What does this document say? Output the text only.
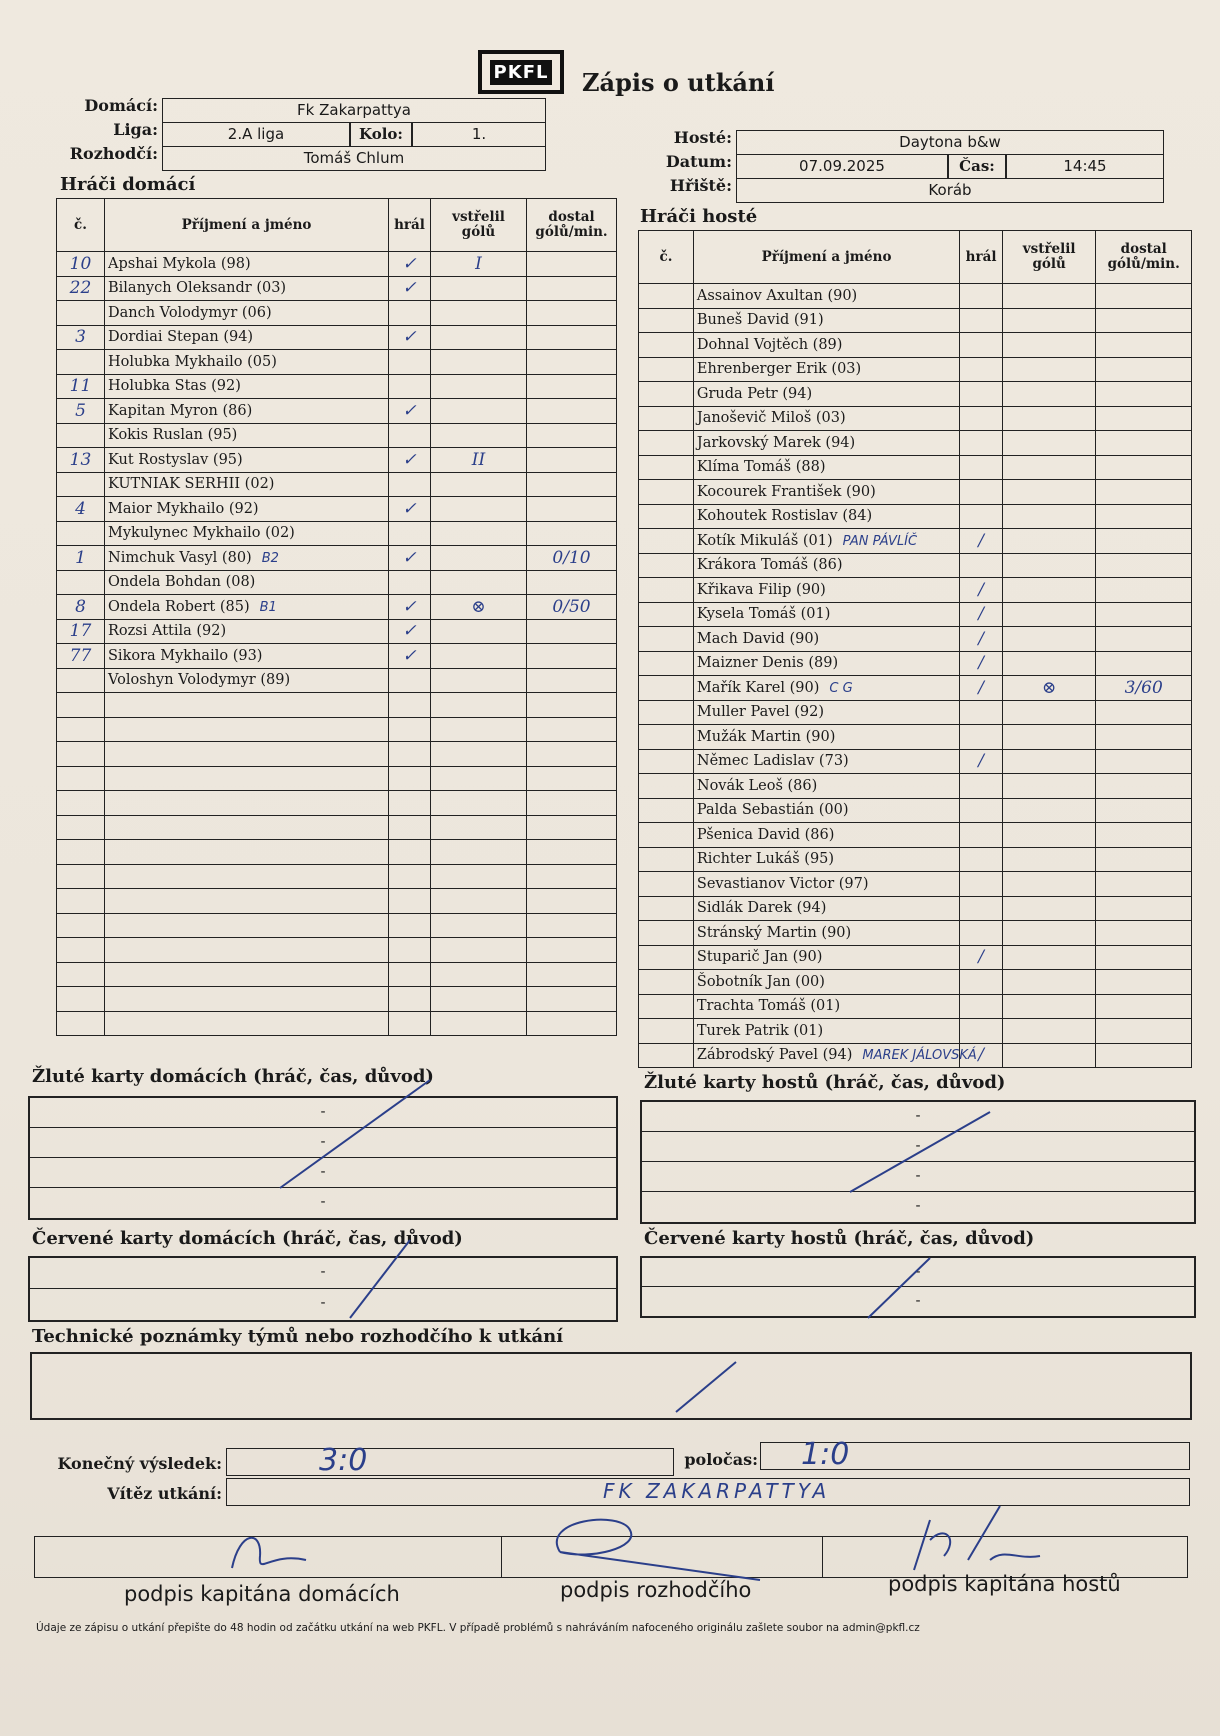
PKFL Zápis o utkání
Domácí:	Fk Zakarpattya
Liga:	2.A liga	Kolo:	1.
Rozhodčí:	Tomáš Chlum
Hosté:	Daytona b&w
Datum:	07.09.2025	Čas:	14:45
Hřiště:	Koráb
Hráči domácí
č.	Příjmení a jméno	hrál	vstřelil gólů	dostal gólů/min.
10	Apshai Mykola (98)	✓	I	
22	Bilanych Oleksandr (03)	✓		
	Danch Volodymyr (06)			
3	Dordiai Stepan (94)	✓		
	Holubka Mykhailo (05)			
11	Holubka Stas (92)			
5	Kapitan Myron (86)	✓		
	Kokis Ruslan (95)			
13	Kut Rostyslav (95)	✓	II	
	KUTNIAK SERHII (02)			
4	Maior Mykhailo (92)	✓		
	Mykulynec Mykhailo (02)			
1	Nimchuk Vasyl (80) B2	✓		0/10
	Ondela Bohdan (08)			
8	Ondela Robert (85) B1	✓	⊗	0/50
17	Rozsi Attila (92)	✓		
77	Sikora Mykhailo (93)	✓		
	Voloshyn Volodymyr (89)			

Hráči hosté
č.	Příjmení a jméno	hrál	vstřelil gólů	dostal gólů/min.
	Assainov Axultan (90)			
	Buneš David (91)			
	Dohnal Vojtěch (89)			
	Ehrenberger Erik (03)			
	Gruda Petr (94)			
	Janoševič Miloš (03)			
	Jarkovský Marek (94)			
	Klíma Tomáš (88)			
	Kocourek František (90)			
	Kohoutek Rostislav (84)			
	Kotík Mikuláš (01) PAN PÁVLÍČ	/		
	Krákora Tomáš (86)			
	Křikava Filip (90)	/		
	Kysela Tomáš (01)	/		
	Mach David (90)	/		
	Maizner Denis (89)	/		
	Mařík Karel (90) C G	/	⊗	3/60
	Muller Pavel (92)			
	Mužák Martin (90)			
	Němec Ladislav (73)	/		
	Novák Leoš (86)			
	Palda Sebastián (00)			
	Pšenica David (86)			
	Richter Lukáš (95)			
	Sevastianov Victor (97)			
	Sidlák Darek (94)			
	Stránský Martin (90)			
	Stuparič Jan (90)	/		
	Šobotník Jan (00)			
	Trachta Tomáš (01)			
	Turek Patrik (01)			
	Zábrodský Pavel (94) MAREK JÁLOVSKÁ	/		
Žluté karty domácích (hráč, čas, důvod)
-
-
-
-
Žluté karty hostů (hráč, čas, důvod)
-
-
-
-
Červené karty domácích (hráč, čas, důvod)
-
-
Červené karty hostů (hráč, čas, důvod)
-
-
Technické poznámky týmů nebo rozhodčího k utkání
Konečný výsledek:	3:0	poločas: 1:0
Vítěz utkání:	FK ZAKARPATTYA
podpis kapitána domácích	podpis rozhodčího	podpis kapitána hostů
Údaje ze zápisu o utkání přepište do 48 hodin od začátku utkání na web PKFL. V případě problémů s nahráváním nafoceného originálu zašlete soubor na admin@pkfl.cz
